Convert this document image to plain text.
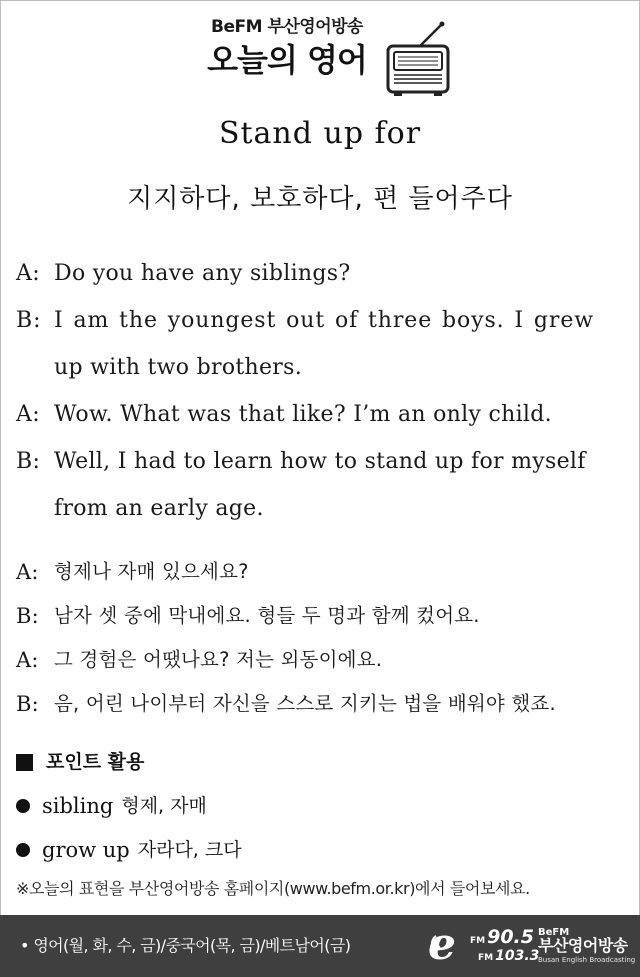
BeFM 부산영어방송
오늘의 영어
Stand up for
지지하다, 보호하다, 편 들어주다
A: Do you have any siblings?
B: I am the youngest out of three boys. I grew
up with two brothers.
A: Wow. What was that like? I’m an only child.
B: Well, I had to learn how to stand up for myself
from an early age.
A: 형제나 자매 있으세요?
B: 남자 셋 중에 막내에요. 형들 두 명과 함께 컸어요.
A: 그 경험은 어땠나요? 저는 외동이에요.
B: 음, 어린 나이부터 자신을 스스로 지키는 법을 배워야 했죠.
포인트 활용
sibling 형제, 자매
grow up 자라다, 크다
※오늘의 표현을 부산영어방송 홈페이지(www.befm.or.kr)에서 들어보세요.
• 영어(월, 화, 수, 금)/중국어(목, 금)/베트남어(금) e	FM 90.5
FM 103.3
BeFM
부산영어방송
Busan English Broadcasting
